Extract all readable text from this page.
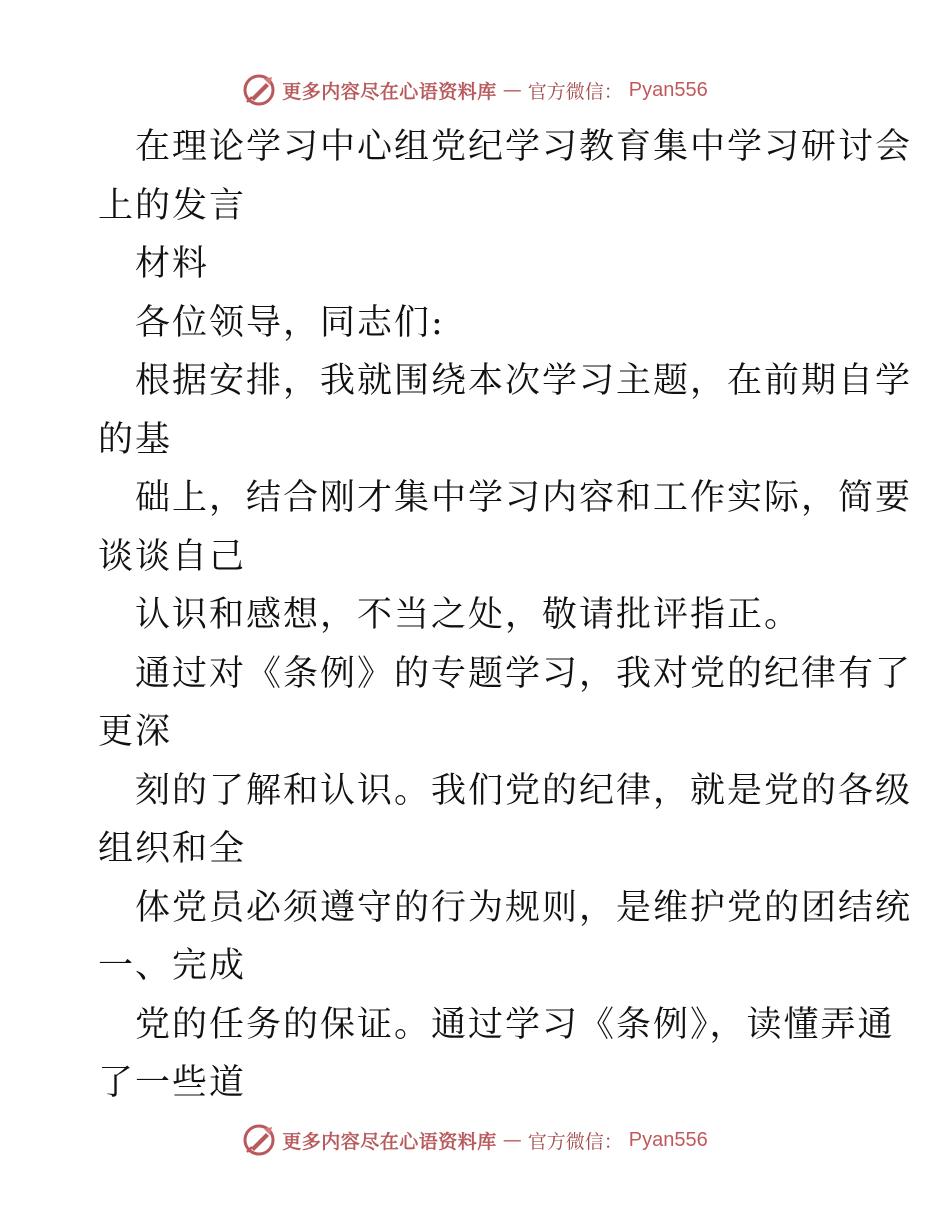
更多内容尽在心语资料库 — 官方微信： Pyan556
在理论学习中心组党纪学习教育集中学习研讨会
上的发言
材料
各位领导，同志们:
根据安排，我就围绕本次学习主题，在前期自学
的基
础上，结合刚才集中学习内容和工作实际，简要
谈谈自己
认识和感想，不当之处，敬请批评指正。
通过对《条例》的专题学习，我对党的纪律有了
更深
刻的了解和认识。我们党的纪律，就是党的各级
组织和全
体党员必须遵守的行为规则，是维护党的团结统
一、完成
党的任务的保证。通过学习《条例》，读懂弄通
了一些道
更多内容尽在心语资料库 — 官方微信： Pyan556
